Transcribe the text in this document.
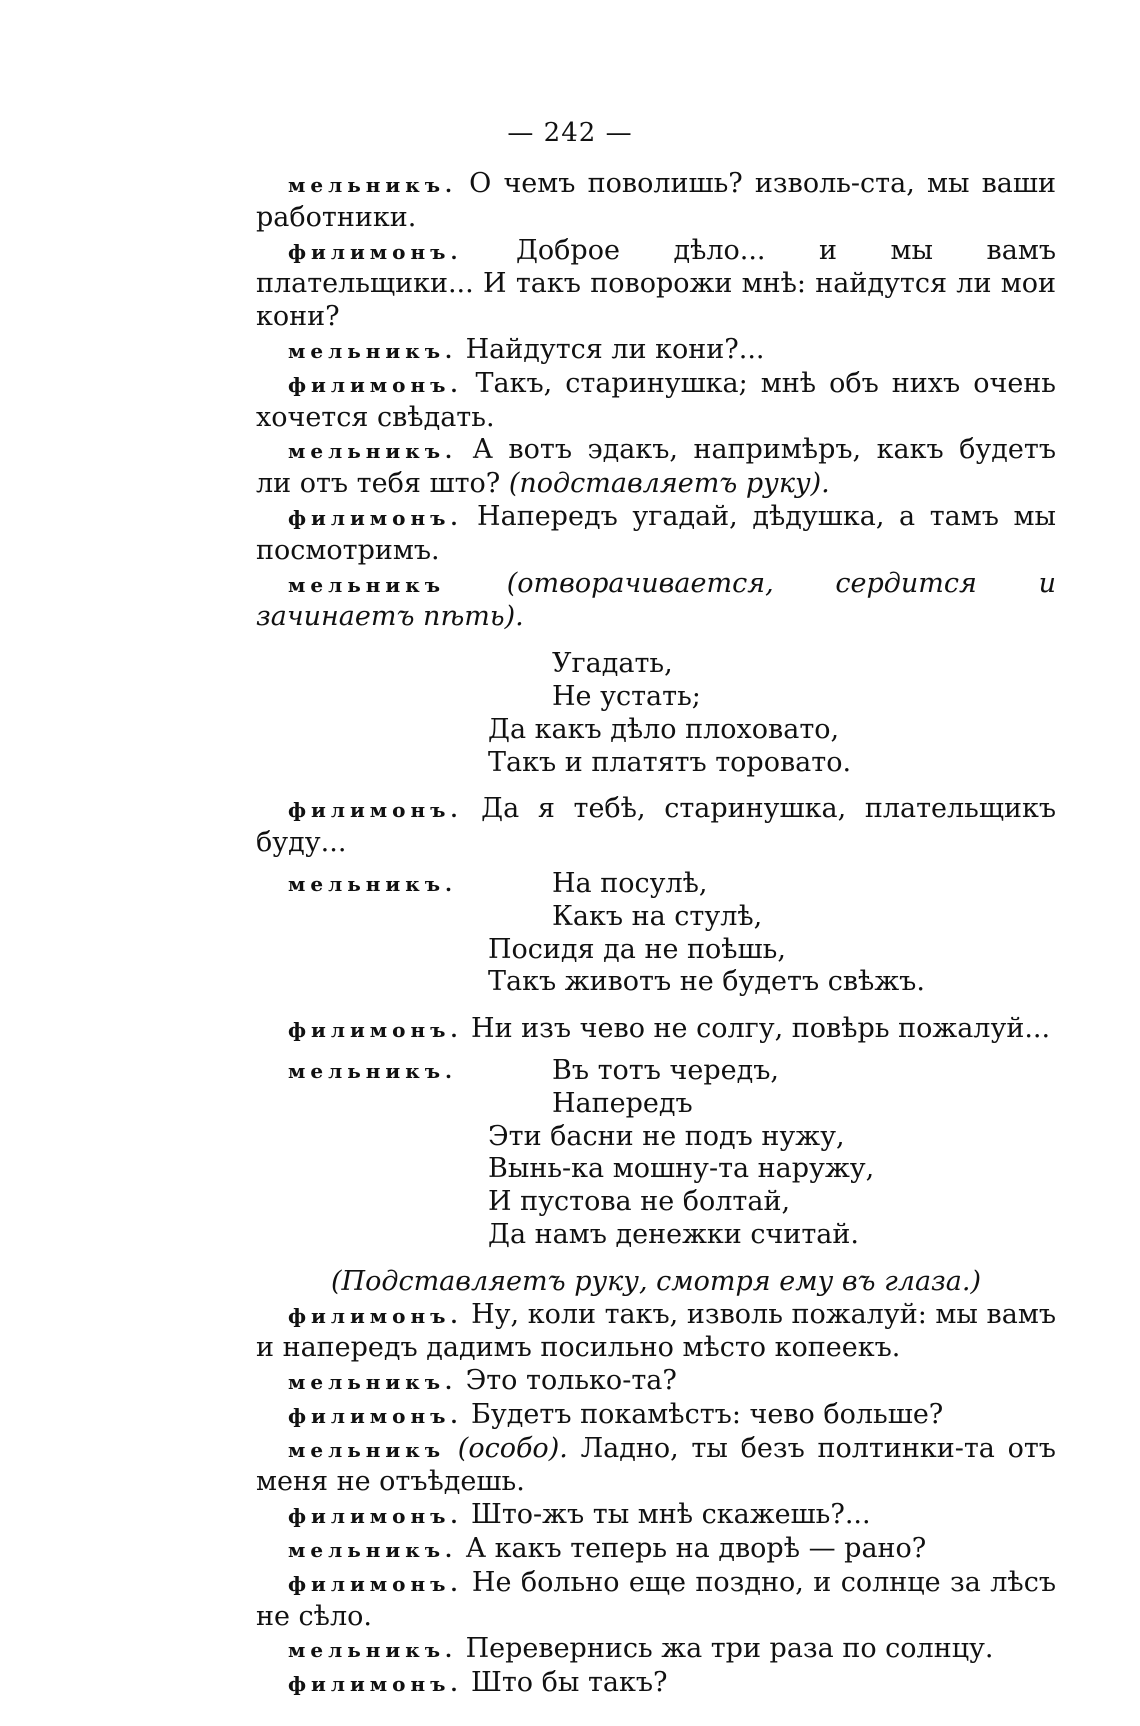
— 242 —

мельникъ. О чемъ поволишь? изволь-ста, мы ваши работники.

филимонъ. Доброе дѣло... и мы вамъ плательщики... И такъ поворожи мнѣ: найдутся ли мои кони?

мельникъ. Найдутся ли кони?...

филимонъ. Такъ, старинушка; мнѣ объ нихъ очень хочется свѣдать.

мельникъ. А вотъ эдакъ, напримѣръ, какъ будетъ ли отъ тебя што? (подставляетъ руку).

филимонъ. Напередъ угадай, дѣдушка, а тамъ мы посмотримъ.

мельникъ (отворачивается, сердится и зачинаетъ пѣть).

Угадать,
Не устать;
Да какъ дѣло плоховато,
Такъ и платятъ торовато.

филимонъ. Да я тебѣ, старинушка, плательщикъ буду...

мельникъ.	На посулѣ,
Какъ на стулѣ,
Посидя да не поѣшь,
Такъ животъ не будетъ свѣжъ.

филимонъ. Ни изъ чево не солгу, повѣрь пожалуй...

мельникъ.	Въ тотъ чередъ,
Напередъ
Эти басни не подъ нужу,
Вынь-ка мошну-та наружу,
И пустова не болтай,
Да намъ денежки считай.

(Подставляетъ руку, смотря ему въ глаза.)

филимонъ. Ну, коли такъ, изволь пожалуй: мы вамъ и напередъ дадимъ посильно мѣсто копеекъ.

мельникъ. Это только-та?

филимонъ. Будетъ покамѣстъ: чево больше?

мельникъ (особо). Ладно, ты безъ полтинки-та отъ меня не отъѣдешь.

филимонъ. Што-жъ ты мнѣ скажешь?...

мельникъ. А какъ теперь на дворѣ — рано?

филимонъ. Не больно еще поздно, и солнце за лѣсъ не сѣло.

мельникъ. Перевернись жа три раза по солнцу.

филимонъ. Што бы такъ?
